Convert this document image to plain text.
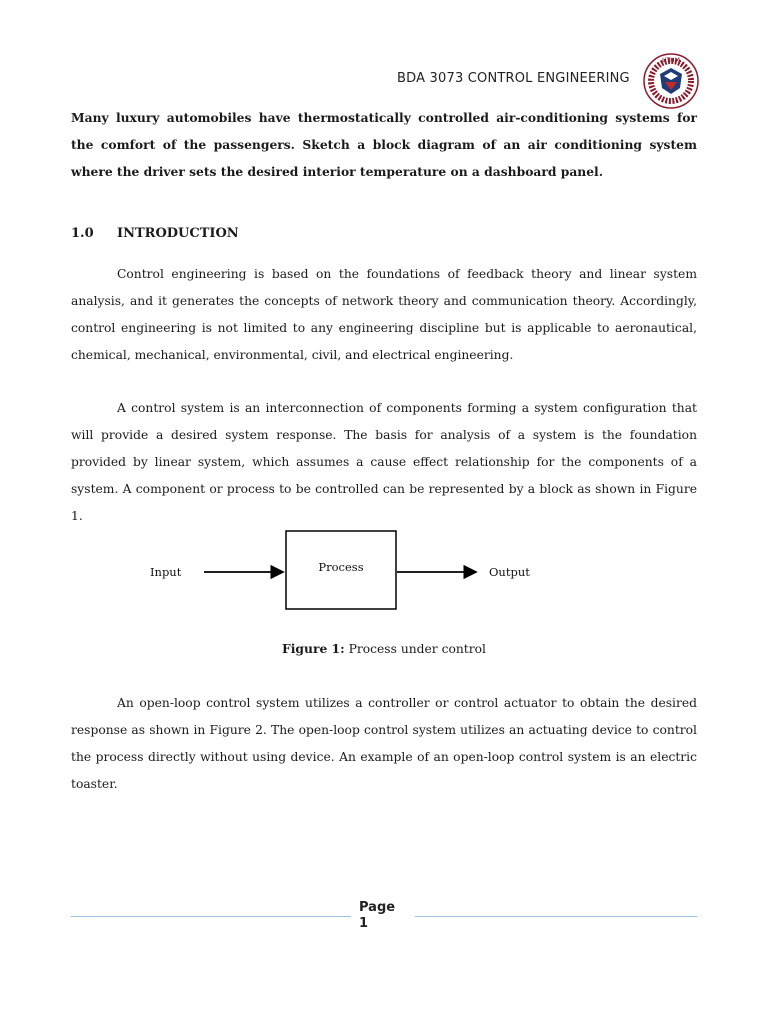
BDA 3073 CONTROL ENGINEERING
UTHM
Many luxury automobiles have thermostatically controlled air-conditioning systems for the comfort of the passengers. Sketch a block diagram of an air conditioning system where the driver sets the desired interior temperature on a dashboard panel.
1.0 INTRODUCTION

Control engineering is based on the foundations of feedback theory and linear system analysis, and it generates the concepts of network theory and communication theory. Accordingly, control engineering is not limited to any engineering discipline but is applicable to aeronautical, chemical, mechanical, environmental, civil, and electrical engineering.

A control system is an interconnection of components forming a system configuration that will provide a desired system response. The basis for analysis of a system is the foundation provided by linear system, which assumes a cause effect relationship for the components of a system. A component or process to be controlled can be represented by a block as shown in Figure 1.

Input	Process	Output
Figure 1: Process under control

An open-loop control system utilizes a controller or control actuator to obtain the desired response as shown in Figure 2. The open-loop control system utilizes an actuating device to control the process directly without using device. An example of an open-loop control system is an electric toaster.

Page
1
